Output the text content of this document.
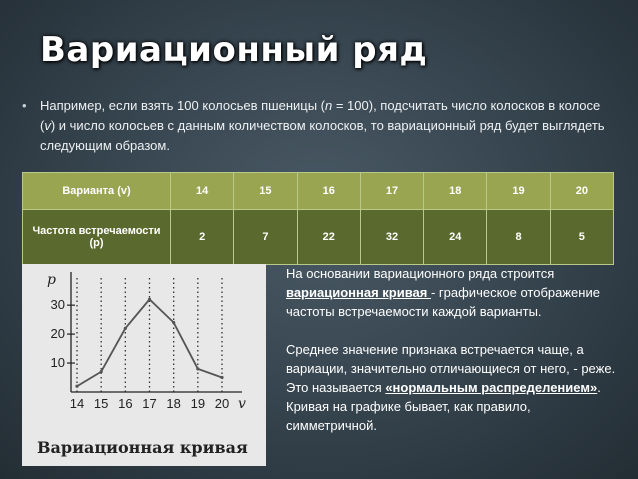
Вариационный ряд
• Например, если взять 100 колосьев пшеницы (n = 100), подсчитать число колосков в колосе (v) и число колосьев с данным количеством колосков, то вариационный ряд будет выглядеть следующим образом.
Варианта (v)	14	15	16	17	18	19	20
Частота встречаемости (p)	2	7	22	32	24	8	5
10
20
30
14 15 16 17 18 19 20
p
v
Вариационная кривая

На основании вариационного ряда строится вариационная кривая - графическое отображение частоты встречаемости каждой варианты.

Среднее значение признака встречается чаще, а вариации, значительно отличающиеся от него, - реже. Это называется «нормальным распределением». Кривая на графике бывает, как правило, симметричной.
